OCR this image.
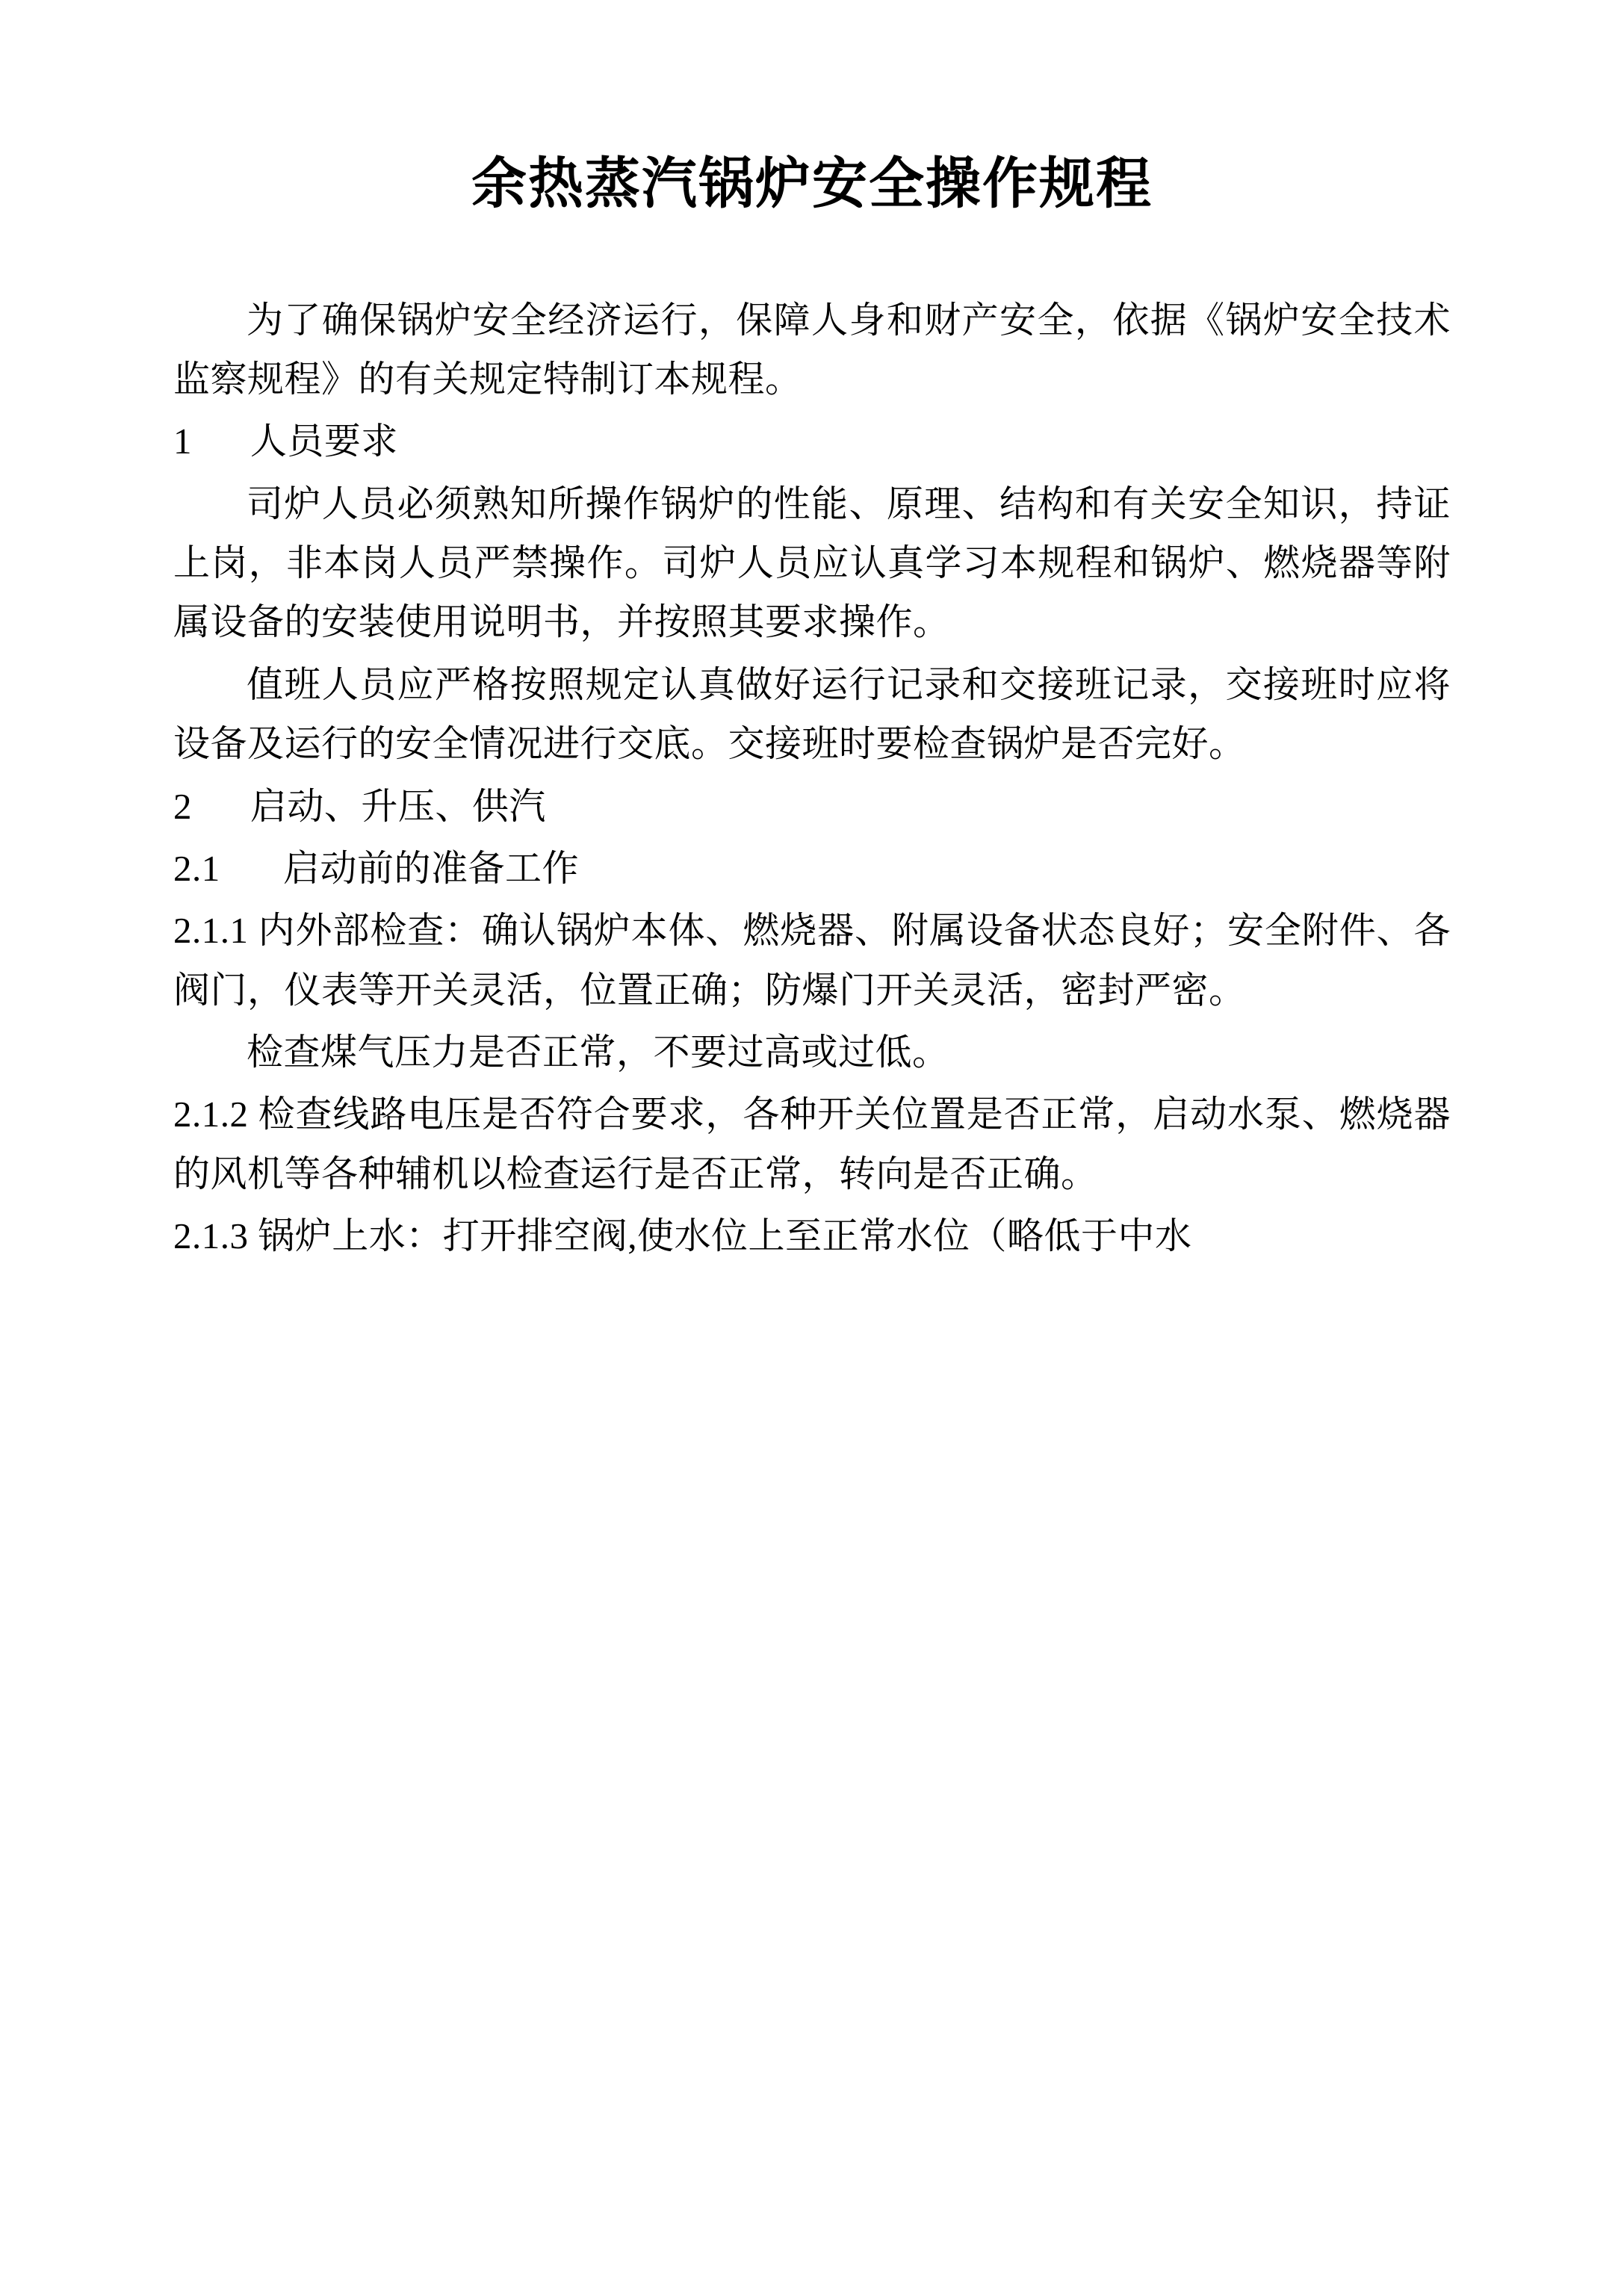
余热蒸汽锅炉安全操作规程

为了确保锅炉安全经济运行，保障人身和财产安全，依据《锅炉安全技术监察规程》的有关规定特制订本规程。

1 人员要求

司炉人员必须熟知所操作锅炉的性能、原理、结构和有关安全知识，持证上岗，非本岗人员严禁操作。司炉人员应认真学习本规程和锅炉、燃烧器等附属设备的安装使用说明书，并按照其要求操作。

值班人员应严格按照规定认真做好运行记录和交接班记录，交接班时应将设备及运行的安全情况进行交底。交接班时要检查锅炉是否完好。

2 启动、升压、供汽

2.1 启动前的准备工作

2.1.1 内外部检查：确认锅炉本体、燃烧器、附属设备状态良好；安全附件、各阀门，仪表等开关灵活，位置正确；防爆门开关灵活，密封严密。

检查煤气压力是否正常，不要过高或过低。

2.1.2 检查线路电压是否符合要求，各种开关位置是否正常，启动水泵、燃烧器的风机等各种辅机以检查运行是否正常，转向是否正确。

2.1.3 锅炉上水：打开排空阀,使水位上至正常水位（略低于中水
